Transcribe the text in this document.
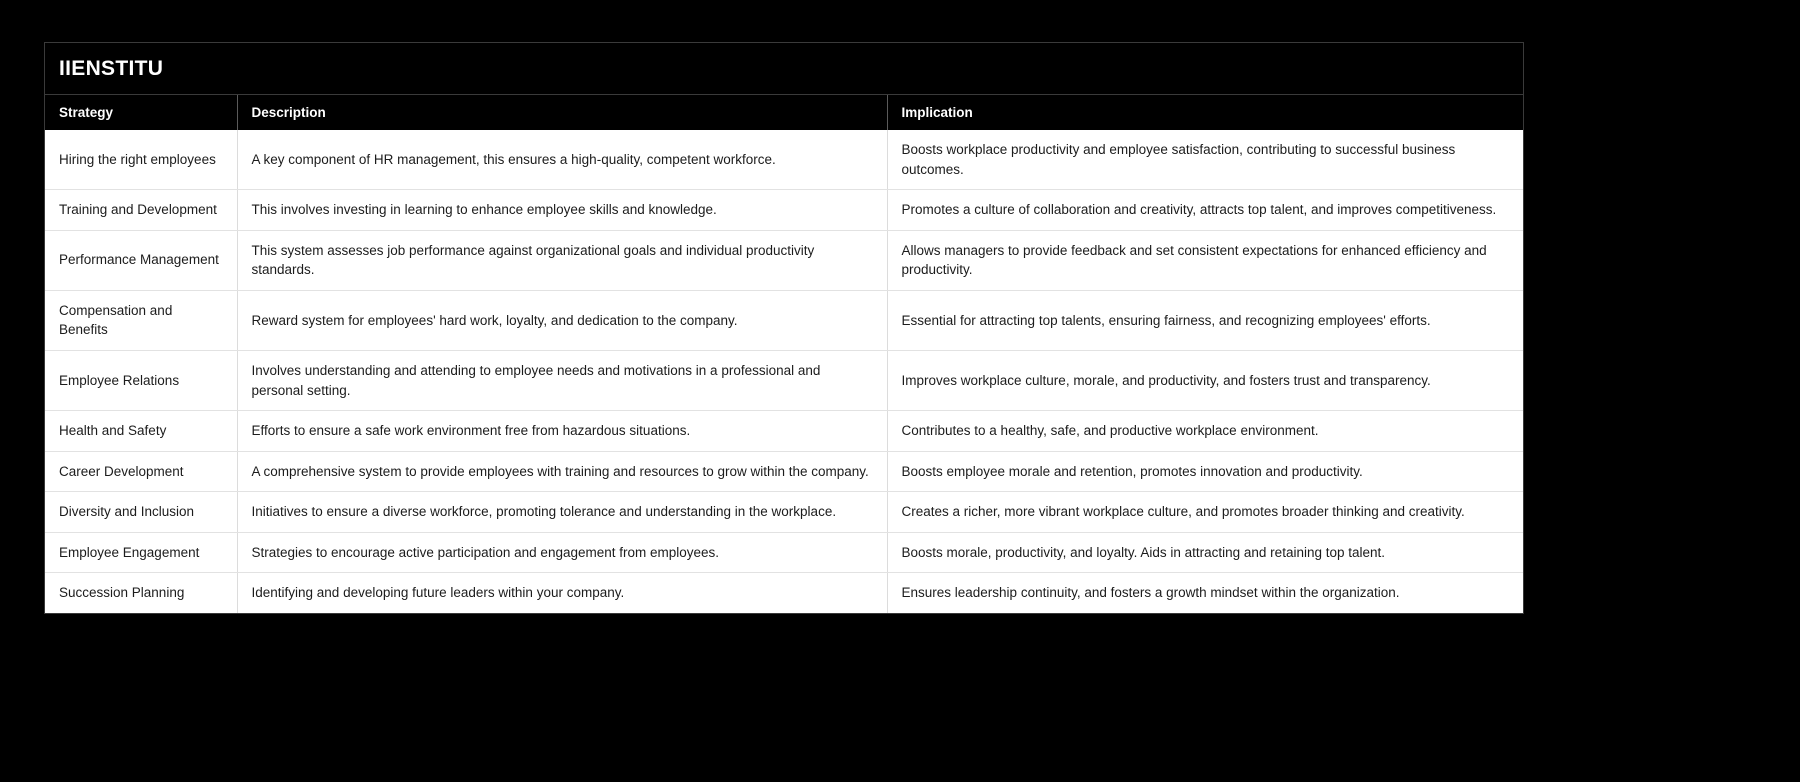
IIENSTITU
Strategy	Description	Implication
Hiring the right employees	A key component of HR management, this ensures a high-quality, competent workforce.	Boosts workplace productivity and employee satisfaction, contributing to successful business outcomes.
Training and Development	This involves investing in learning to enhance employee skills and knowledge.	Promotes a culture of collaboration and creativity, attracts top talent, and improves competitiveness.
Performance Management	This system assesses job performance against organizational goals and individual productivity standards.	Allows managers to provide feedback and set consistent expectations for enhanced efficiency and productivity.
Compensation and Benefits	Reward system for employees' hard work, loyalty, and dedication to the company.	Essential for attracting top talents, ensuring fairness, and recognizing employees' efforts.
Employee Relations	Involves understanding and attending to employee needs and motivations in a professional and personal setting.	Improves workplace culture, morale, and productivity, and fosters trust and transparency.
Health and Safety	Efforts to ensure a safe work environment free from hazardous situations.	Contributes to a healthy, safe, and productive workplace environment.
Career Development	A comprehensive system to provide employees with training and resources to grow within the company.	Boosts employee morale and retention, promotes innovation and productivity.
Diversity and Inclusion	Initiatives to ensure a diverse workforce, promoting tolerance and understanding in the workplace.	Creates a richer, more vibrant workplace culture, and promotes broader thinking and creativity.
Employee Engagement	Strategies to encourage active participation and engagement from employees.	Boosts morale, productivity, and loyalty. Aids in attracting and retaining top talent.
Succession Planning	Identifying and developing future leaders within your company.	Ensures leadership continuity, and fosters a growth mindset within the organization.
